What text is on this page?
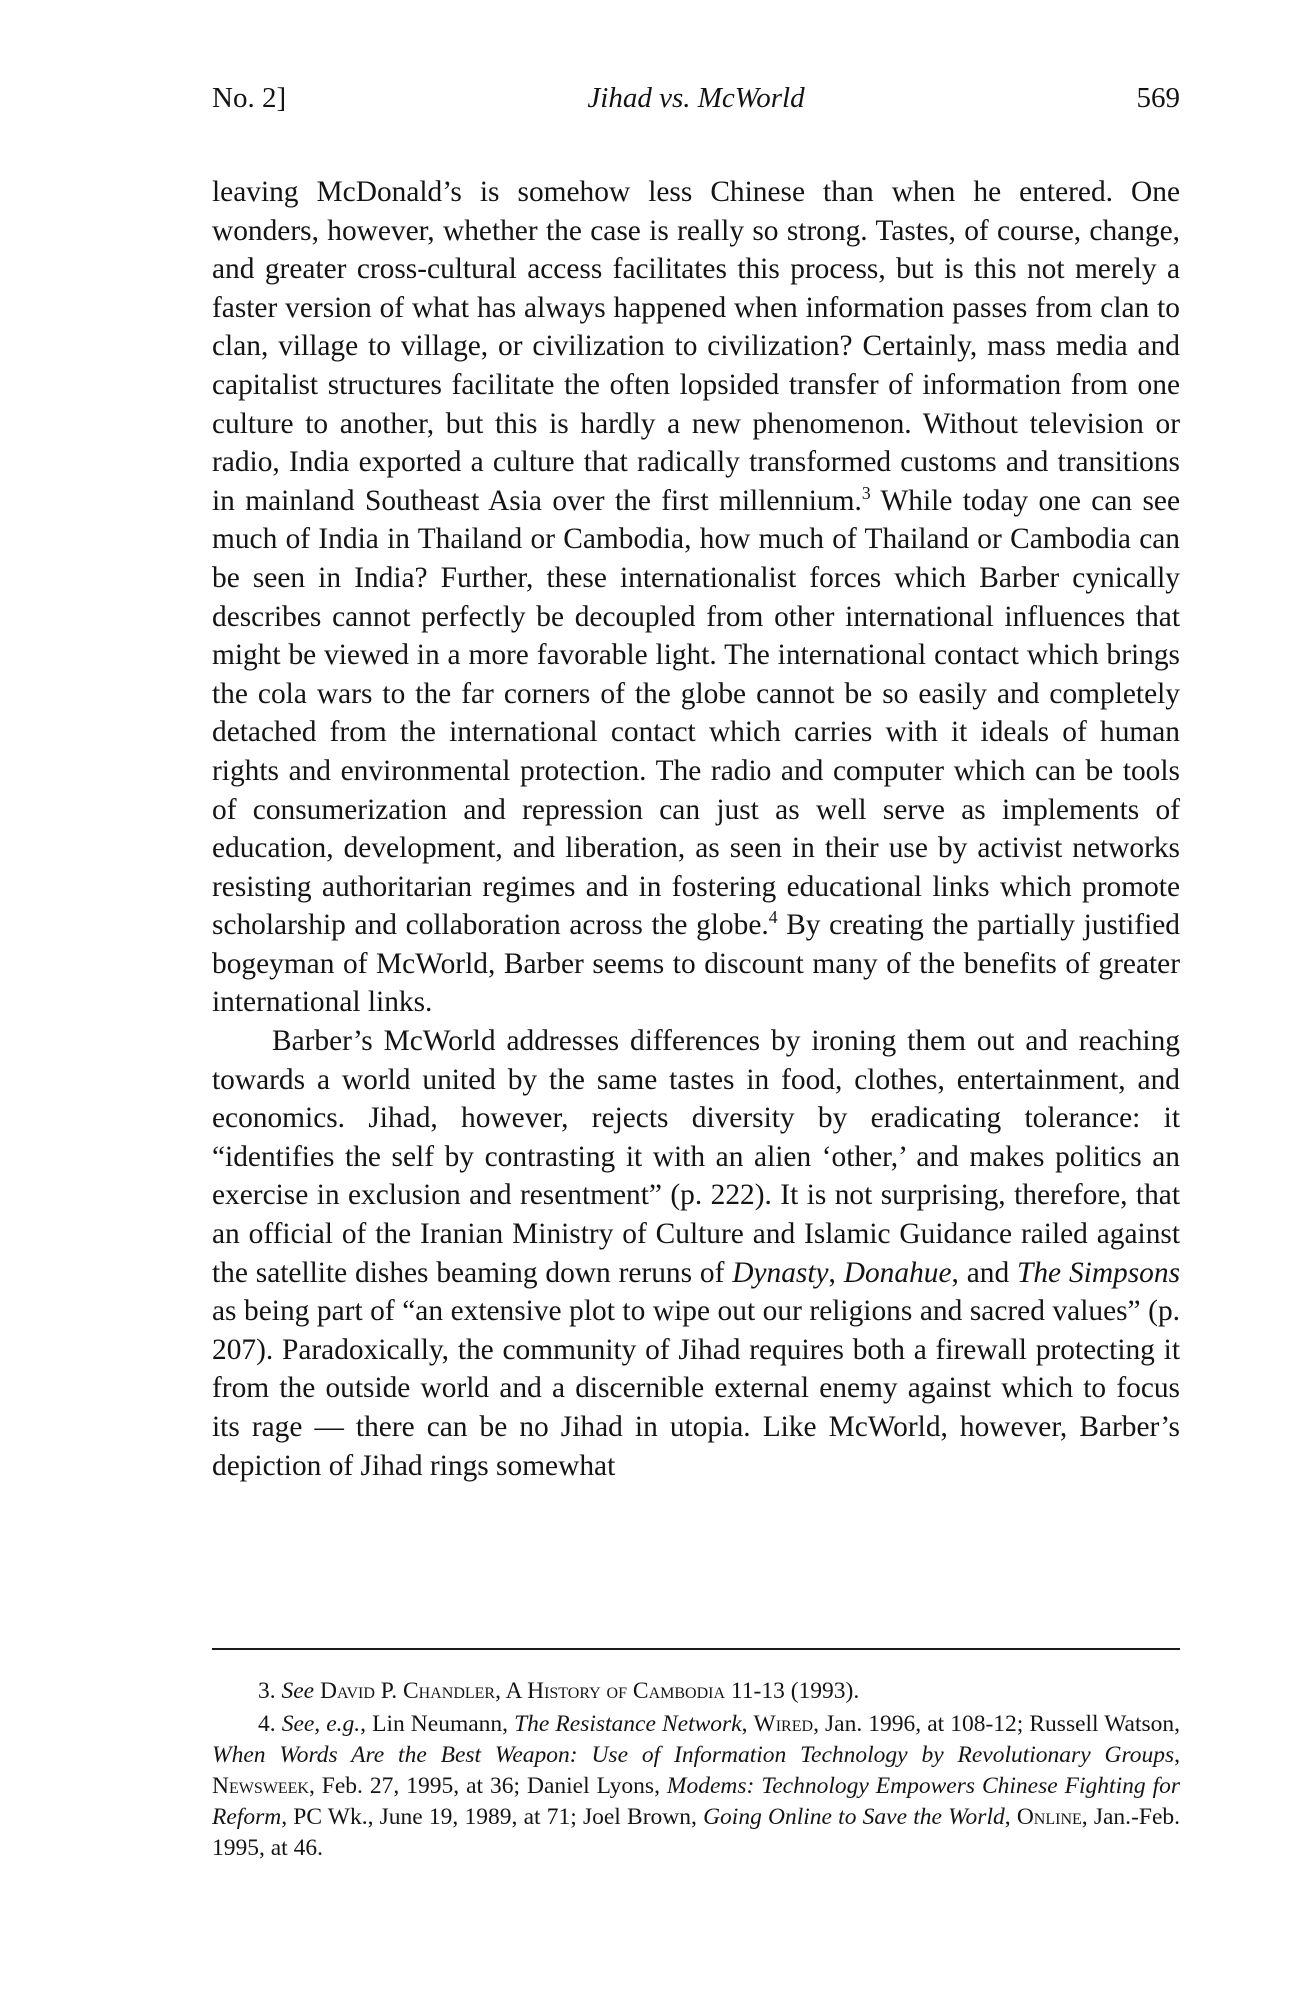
No. 2]	Jihad vs. McWorld	569

leaving McDonald’s is somehow less Chinese than when he entered. One wonders, however, whether the case is really so strong. Tastes, of course, change, and greater cross-cultural access facilitates this process, but is this not merely a faster version of what has always happened when information passes from clan to clan, village to village, or civilization to civilization? Certainly, mass media and capitalist structures facilitate the often lopsided transfer of information from one culture to another, but this is hardly a new phenomenon. Without television or radio, India exported a culture that radically transformed customs and transitions in mainland Southeast Asia over the first millennium.$^3$ While today one can see much of India in Thailand or Cambodia, how much of Thailand or Cambodia can be seen in India? Further, these internationalist forces which Barber cynically describes cannot perfectly be decoupled from other international influences that might be viewed in a more favorable light. The international contact which brings the cola wars to the far corners of the globe cannot be so easily and completely detached from the international contact which carries with it ideals of human rights and environmental protection. The radio and computer which can be tools of consumerization and repression can just as well serve as implements of education, development, and liberation, as seen in their use by activist networks resisting authoritarian regimes and in fostering educational links which promote scholarship and collaboration across the globe.$^4$ By creating the partially justified bogeyman of McWorld, Barber seems to discount many of the benefits of greater international links.

Barber’s McWorld addresses differences by ironing them out and reaching towards a world united by the same tastes in food, clothes, entertainment, and economics. Jihad, however, rejects diversity by eradicating tolerance: it “identifies the self by contrasting it with an alien ‘other,’ and makes politics an exercise in exclusion and resentment” (p. 222). It is not surprising, therefore, that an official of the Iranian Ministry of Culture and Islamic Guidance railed against the satellite dishes beaming down reruns of Dynasty, Donahue, and The Simpsons as being part of “an extensive plot to wipe out our religions and sacred values” (p. 207). Paradoxically, the community of Jihad requires both a firewall protecting it from the outside world and a discernible external enemy against which to focus its rage — there can be no Jihad in utopia. Like McWorld, however, Barber’s depiction of Jihad rings somewhat

3. See David P. Chandler, A History of Cambodia 11-13 (1993).

4. See, e.g., Lin Neumann, The Resistance Network, Wired, Jan. 1996, at 108-12; Russell Watson, When Words Are the Best Weapon: Use of Information Technology by Revolutionary Groups, Newsweek, Feb. 27, 1995, at 36; Daniel Lyons, Modems: Technology Empowers Chinese Fighting for Reform, PC Wk., June 19, 1989, at 71; Joel Brown, Going Online to Save the World, Online, Jan.-Feb. 1995, at 46.
